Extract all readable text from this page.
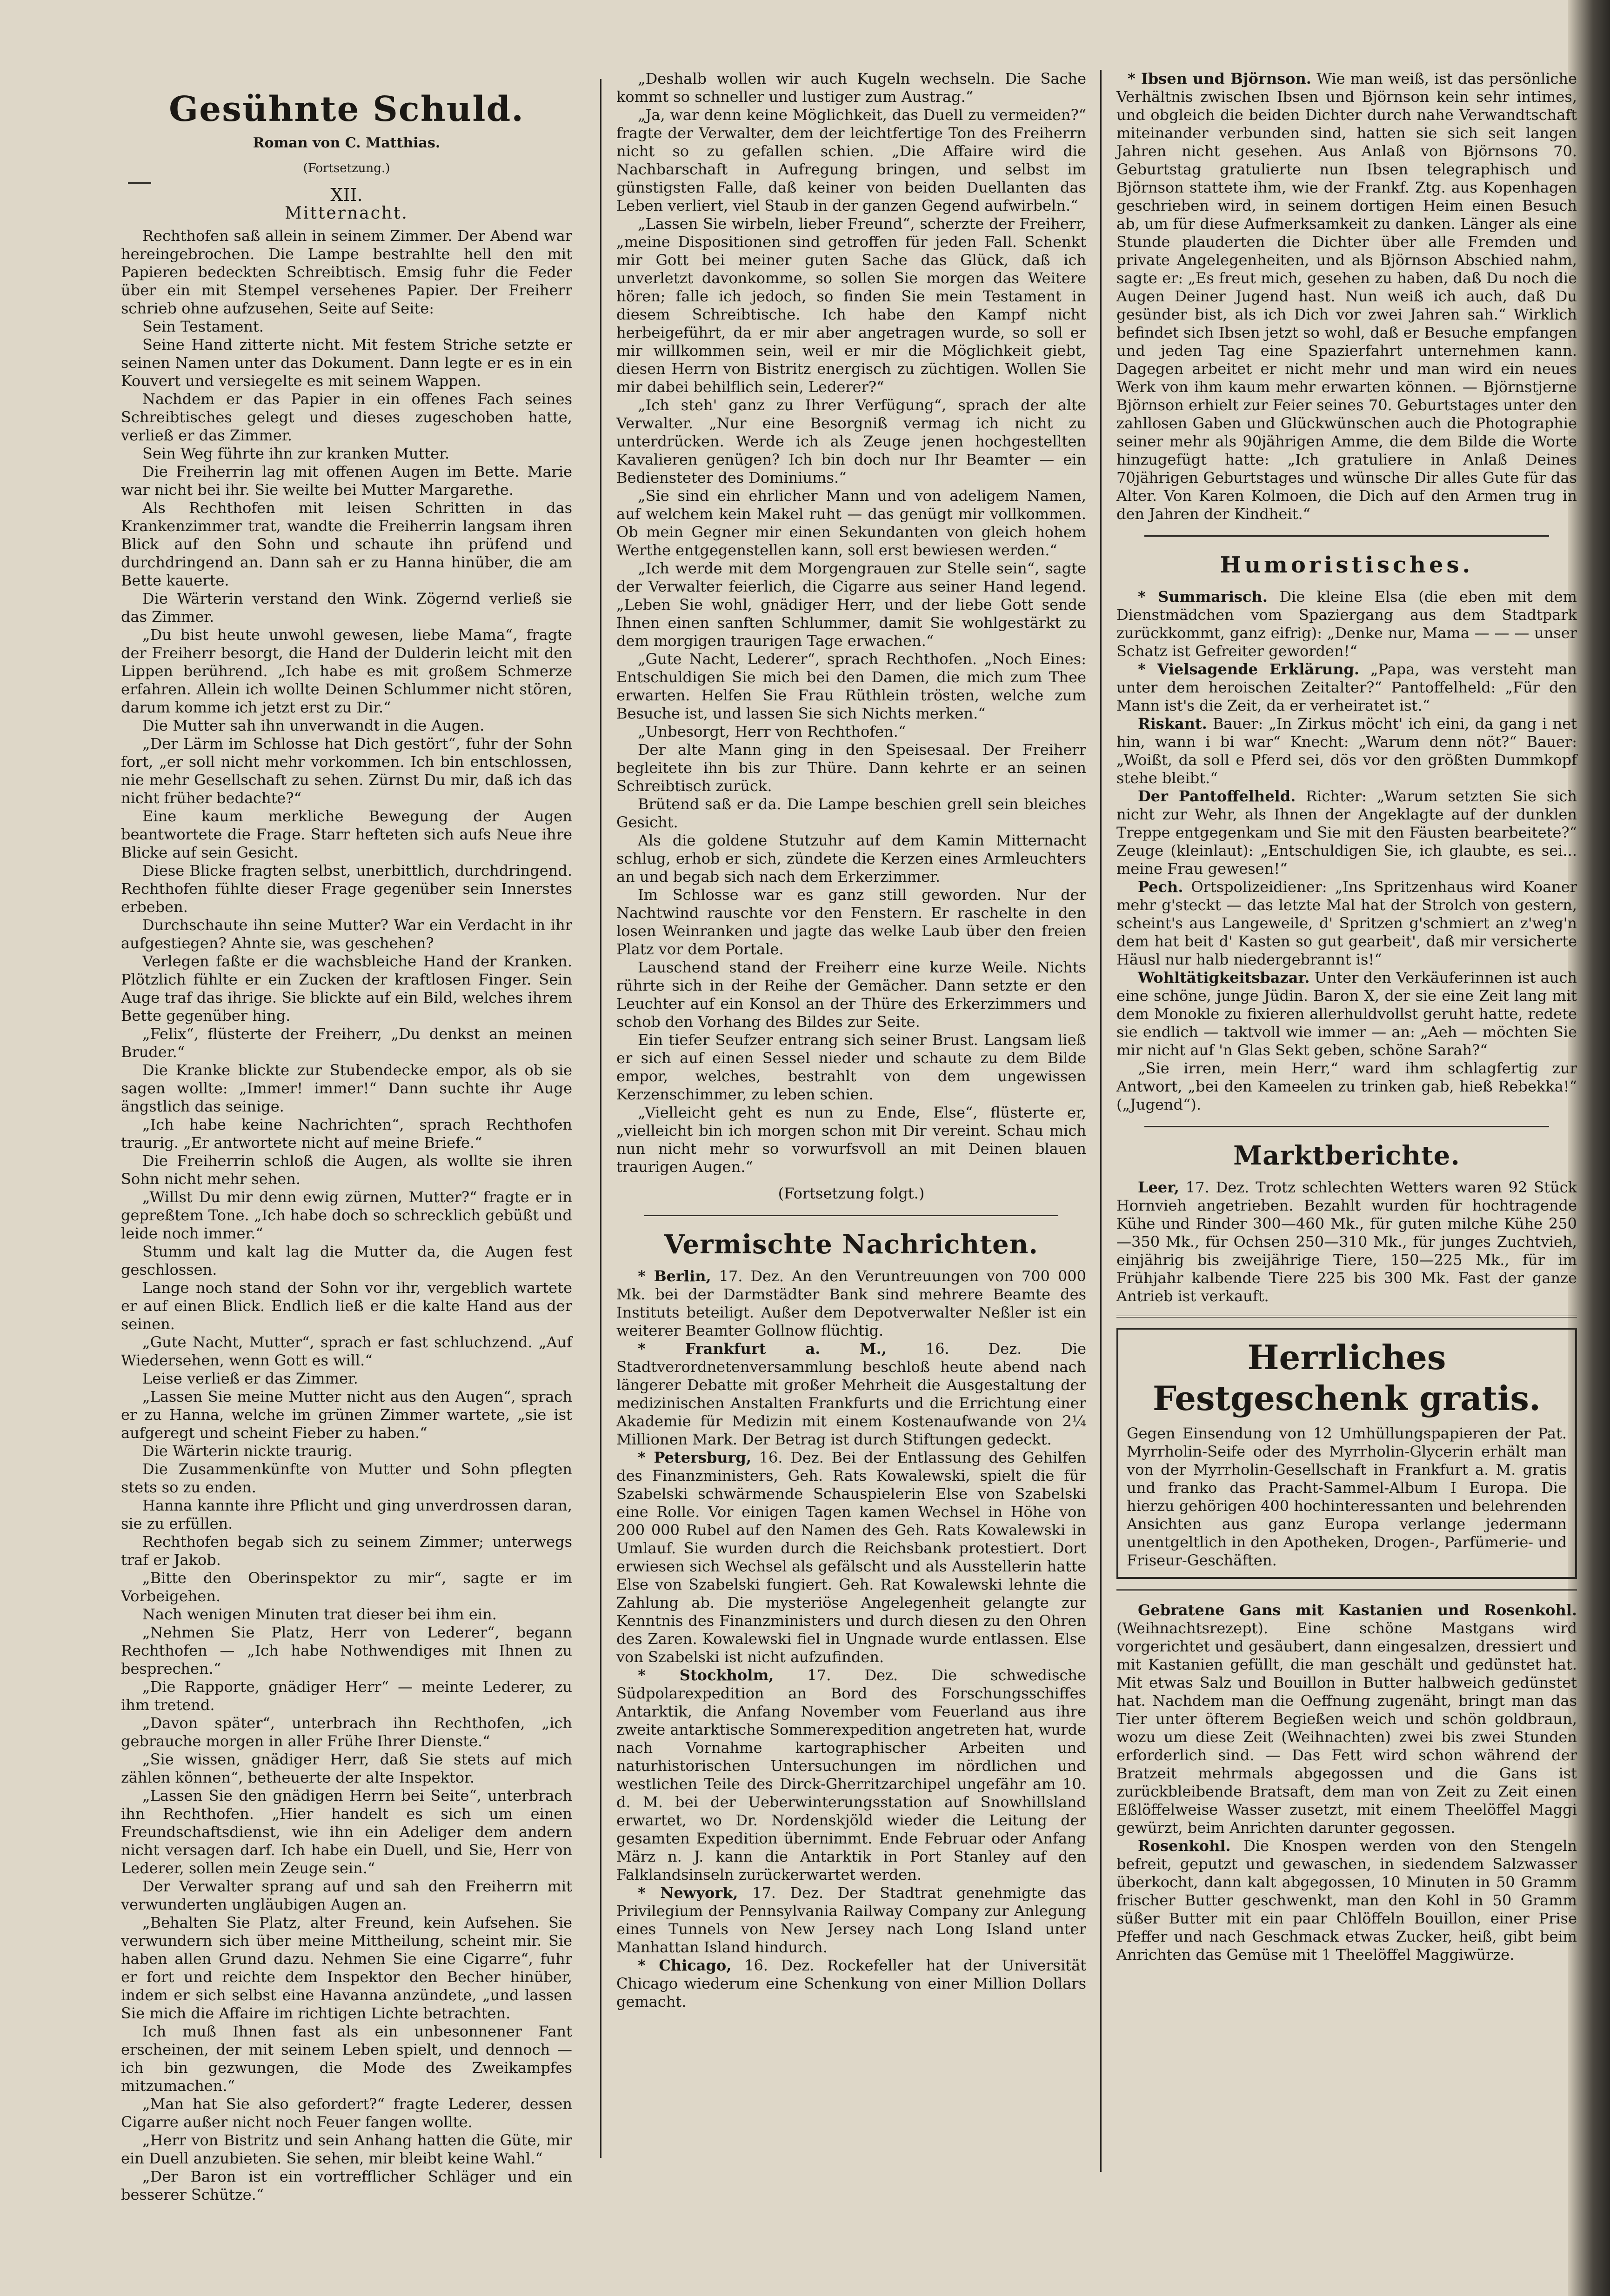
Gesühnte Schuld.
Roman von C. Matthias.
(Fortsetzung.)
XII.
Mitternacht.

Rechthofen saß allein in seinem Zimmer. Der Abend war hereingebrochen. Die Lampe bestrahlte hell den mit Papieren bedeckten Schreibtisch. Emsig fuhr die Feder über ein mit Stempel versehenes Papier. Der Freiherr schrieb ohne aufzusehen, Seite auf Seite:

Sein Testament.

Seine Hand zitterte nicht. Mit festem Striche setzte er seinen Namen unter das Dokument. Dann legte er es in ein Kouvert und versiegelte es mit seinem Wappen.

Nachdem er das Papier in ein offenes Fach seines Schreibtisches gelegt und dieses zugeschoben hatte, verließ er das Zimmer.

Sein Weg führte ihn zur kranken Mutter.

Die Freiherrin lag mit offenen Augen im Bette. Marie war nicht bei ihr. Sie weilte bei Mutter Margarethe.

Als Rechthofen mit leisen Schritten in das Krankenzimmer trat, wandte die Freiherrin langsam ihren Blick auf den Sohn und schaute ihn prüfend und durchdringend an. Dann sah er zu Hanna hinüber, die am Bette kauerte.

Die Wärterin verstand den Wink. Zögernd verließ sie das Zimmer.

„Du bist heute unwohl gewesen, liebe Mama“, fragte der Freiherr besorgt, die Hand der Dulderin leicht mit den Lippen berührend. „Ich habe es mit großem Schmerze erfahren. Allein ich wollte Deinen Schlummer nicht stören, darum komme ich jetzt erst zu Dir.“

Die Mutter sah ihn unverwandt in die Augen.

„Der Lärm im Schlosse hat Dich gestört“, fuhr der Sohn fort, „er soll nicht mehr vorkommen. Ich bin entschlossen, nie mehr Gesellschaft zu sehen. Zürnst Du mir, daß ich das nicht früher bedachte?“

Eine kaum merkliche Bewegung der Augen beantwortete die Frage. Starr hefteten sich aufs Neue ihre Blicke auf sein Gesicht.

Diese Blicke fragten selbst, unerbittlich, durchdringend. Rechthofen fühlte dieser Frage gegenüber sein Innerstes erbeben.

Durchschaute ihn seine Mutter? War ein Verdacht in ihr aufgestiegen? Ahnte sie, was geschehen?

Verlegen faßte er die wachsbleiche Hand der Kranken. Plötzlich fühlte er ein Zucken der kraftlosen Finger. Sein Auge traf das ihrige. Sie blickte auf ein Bild, welches ihrem Bette gegenüber hing.

„Felix“, flüsterte der Freiherr, „Du denkst an meinen Bruder.“

Die Kranke blickte zur Stubendecke empor, als ob sie sagen wollte: „Immer! immer!“ Dann suchte ihr Auge ängstlich das seinige.

„Ich habe keine Nachrichten“, sprach Rechthofen traurig. „Er antwortete nicht auf meine Briefe.“

Die Freiherrin schloß die Augen, als wollte sie ihren Sohn nicht mehr sehen.

„Willst Du mir denn ewig zürnen, Mutter?“ fragte er in gepreßtem Tone. „Ich habe doch so schrecklich gebüßt und leide noch immer.“

Stumm und kalt lag die Mutter da, die Augen fest geschlossen.

Lange noch stand der Sohn vor ihr, vergeblich wartete er auf einen Blick. Endlich ließ er die kalte Hand aus der seinen.

„Gute Nacht, Mutter“, sprach er fast schluchzend. „Auf Wiedersehen, wenn Gott es will.“

Leise verließ er das Zimmer.

„Lassen Sie meine Mutter nicht aus den Augen“, sprach er zu Hanna, welche im grünen Zimmer wartete, „sie ist aufgeregt und scheint Fieber zu haben.“

Die Wärterin nickte traurig.

Die Zusammenkünfte von Mutter und Sohn pflegten stets so zu enden.

Hanna kannte ihre Pflicht und ging unverdrossen daran, sie zu erfüllen.

Rechthofen begab sich zu seinem Zimmer; unterwegs traf er Jakob.

„Bitte den Oberinspektor zu mir“, sagte er im Vorbeigehen.

Nach wenigen Minuten trat dieser bei ihm ein.

„Nehmen Sie Platz, Herr von Lederer“, begann Rechthofen — „Ich habe Nothwendiges mit Ihnen zu besprechen.“

„Die Rapporte, gnädiger Herr“ — meinte Lederer, zu ihm tretend.

„Davon später“, unterbrach ihn Rechthofen, „ich gebrauche morgen in aller Frühe Ihrer Dienste.“

„Sie wissen, gnädiger Herr, daß Sie stets auf mich zählen können“, betheuerte der alte Inspektor.

„Lassen Sie den gnädigen Herrn bei Seite“, unterbrach ihn Rechthofen. „Hier handelt es sich um einen Freundschaftsdienst, wie ihn ein Adeliger dem andern nicht versagen darf. Ich habe ein Duell, und Sie, Herr von Lederer, sollen mein Zeuge sein.“

Der Verwalter sprang auf und sah den Freiherrn mit verwunderten ungläubigen Augen an.

„Behalten Sie Platz, alter Freund, kein Aufsehen. Sie verwundern sich über meine Mittheilung, scheint mir. Sie haben allen Grund dazu. Nehmen Sie eine Cigarre“, fuhr er fort und reichte dem Inspektor den Becher hinüber, indem er sich selbst eine Havanna anzündete, „und lassen Sie mich die Affaire im richtigen Lichte betrachten.

Ich muß Ihnen fast als ein unbesonnener Fant erscheinen, der mit seinem Leben spielt, und dennoch — ich bin gezwungen, die Mode des Zweikampfes mitzumachen.“

„Man hat Sie also gefordert?“ fragte Lederer, dessen Cigarre außer nicht noch Feuer fangen wollte.

„Herr von Bistritz und sein Anhang hatten die Güte, mir ein Duell anzubieten. Sie sehen, mir bleibt keine Wahl.“

„Der Baron ist ein vortrefflicher Schläger und ein besserer Schütze.“

„Deshalb wollen wir auch Kugeln wechseln. Die Sache kommt so schneller und lustiger zum Austrag.“

„Ja, war denn keine Möglichkeit, das Duell zu vermeiden?“ fragte der Verwalter, dem der leichtfertige Ton des Freiherrn nicht so zu gefallen schien. „Die Affaire wird die Nachbarschaft in Aufregung bringen, und selbst im günstigsten Falle, daß keiner von beiden Duellanten das Leben verliert, viel Staub in der ganzen Gegend aufwirbeln.“

„Lassen Sie wirbeln, lieber Freund“, scherzte der Freiherr, „meine Dispositionen sind getroffen für jeden Fall. Schenkt mir Gott bei meiner guten Sache das Glück, daß ich unverletzt davonkomme, so sollen Sie morgen das Weitere hören; falle ich jedoch, so finden Sie mein Testament in diesem Schreibtische. Ich habe den Kampf nicht herbeigeführt, da er mir aber angetragen wurde, so soll er mir willkommen sein, weil er mir die Möglichkeit giebt, diesen Herrn von Bistritz energisch zu züchtigen. Wollen Sie mir dabei behilflich sein, Lederer?“

„Ich steh' ganz zu Ihrer Verfügung“, sprach der alte Verwalter. „Nur eine Besorgniß vermag ich nicht zu unterdrücken. Werde ich als Zeuge jenen hochgestellten Kavalieren genügen? Ich bin doch nur Ihr Beamter — ein Bediensteter des Dominiums.“

„Sie sind ein ehrlicher Mann und von adeligem Namen, auf welchem kein Makel ruht — das genügt mir vollkommen. Ob mein Gegner mir einen Sekundanten von gleich hohem Werthe entgegenstellen kann, soll erst bewiesen werden.“

„Ich werde mit dem Morgengrauen zur Stelle sein“, sagte der Verwalter feierlich, die Cigarre aus seiner Hand legend. „Leben Sie wohl, gnädiger Herr, und der liebe Gott sende Ihnen einen sanften Schlummer, damit Sie wohlgestärkt zu dem morgigen traurigen Tage erwachen.“

„Gute Nacht, Lederer“, sprach Rechthofen. „Noch Eines: Entschuldigen Sie mich bei den Damen, die mich zum Thee erwarten. Helfen Sie Frau Rüthlein trösten, welche zum Besuche ist, und lassen Sie sich Nichts merken.“

„Unbesorgt, Herr von Rechthofen.“

Der alte Mann ging in den Speisesaal. Der Freiherr begleitete ihn bis zur Thüre. Dann kehrte er an seinen Schreibtisch zurück.

Brütend saß er da. Die Lampe beschien grell sein bleiches Gesicht.

Als die goldene Stutzuhr auf dem Kamin Mitternacht schlug, erhob er sich, zündete die Kerzen eines Armleuchters an und begab sich nach dem Erkerzimmer.

Im Schlosse war es ganz still geworden. Nur der Nachtwind rauschte vor den Fenstern. Er raschelte in den losen Weinranken und jagte das welke Laub über den freien Platz vor dem Portale.

Lauschend stand der Freiherr eine kurze Weile. Nichts rührte sich in der Reihe der Gemächer. Dann setzte er den Leuchter auf ein Konsol an der Thüre des Erkerzimmers und schob den Vorhang des Bildes zur Seite.

Ein tiefer Seufzer entrang sich seiner Brust. Langsam ließ er sich auf einen Sessel nieder und schaute zu dem Bilde empor, welches, bestrahlt von dem ungewissen Kerzenschimmer, zu leben schien.

„Vielleicht geht es nun zu Ende, Else“, flüsterte er, „vielleicht bin ich morgen schon mit Dir vereint. Schau mich nun nicht mehr so vorwurfsvoll an mit Deinen blauen traurigen Augen.“

(Fortsetzung folgt.)
Vermischte Nachrichten.

* Berlin, 17. Dez. An den Veruntreuungen von 700 000 Mk. bei der Darmstädter Bank sind mehrere Beamte des Instituts beteiligt. Außer dem Depotverwalter Neßler ist ein weiterer Beamter Gollnow flüchtig.

* Frankfurt a. M.,	16. Dez. Die Stadtverordnetenversammlung beschloß heute abend nach längerer Debatte mit großer Mehrheit die Ausgestaltung der medizinischen Anstalten Frankfurts und die Errichtung einer Akademie für Medizin mit einem Kostenaufwande von 2¼ Millionen Mark. Der Betrag ist durch Stiftungen gedeckt.

* Petersburg, 16. Dez. Bei der Entlassung des Gehilfen des Finanzministers, Geh. Rats Kowalewski, spielt die für Szabelski schwärmende Schauspielerin Else von Szabelski eine Rolle. Vor einigen Tagen kamen Wechsel in Höhe von 200 000 Rubel auf den Namen des Geh. Rats Kowalewski in Umlauf. Sie wurden durch die Reichsbank protestiert. Dort erwiesen sich Wechsel als gefälscht und als Ausstellerin hatte Else von Szabelski fungiert. Geh. Rat Kowalewski lehnte die Zahlung ab. Die mysteriöse Angelegenheit gelangte zur Kenntnis des Finanzministers und durch diesen zu den Ohren des Zaren. Kowalewski fiel in Ungnade wurde entlassen. Else von Szabelski ist nicht aufzufinden.

* Stockholm, 17. Dez. Die schwedische Südpolarexpedition an Bord des Forschungsschiffes Antarktik, die Anfang November vom Feuerland aus ihre zweite antarktische Sommerexpedition angetreten hat, wurde nach Vornahme kartographischer Arbeiten und naturhistorischen Untersuchungen im nördlichen und westlichen Teile des Dirck-Gherritzarchipel ungefähr am 10. d. M. bei der Ueberwinterungsstation auf Snowhillsland erwartet, wo Dr. Nordenskjöld wieder die Leitung der gesamten Expedition übernimmt. Ende Februar oder Anfang März n. J. kann die Antarktik in Port Stanley auf den Falklandsinseln zurückerwartet werden.

* Newyork, 17. Dez. Der Stadtrat genehmigte das Privilegium der Pennsylvania Railway Company zur Anlegung eines Tunnels von New Jersey nach Long Island unter Manhattan Island hindurch.

* Chicago, 16. Dez. Rockefeller hat der Universität Chicago wiederum eine Schenkung von einer Million Dollars gemacht.

* Ibsen und Björnson. Wie man weiß, ist das persönliche Verhältnis zwischen Ibsen und Björnson kein sehr intimes, und obgleich die beiden Dichter durch nahe Verwandtschaft miteinander verbunden sind, hatten sie sich seit langen Jahren nicht gesehen. Aus Anlaß von Björnsons 70. Geburtstag gratulierte nun Ibsen telegraphisch und Björnson stattete ihm, wie der Frankf. Ztg. aus Kopenhagen geschrieben wird, in seinem dortigen Heim einen Besuch ab, um für diese Aufmerksamkeit zu danken. Länger als eine Stunde plauderten die Dichter über alle Fremden und private Angelegenheiten, und als Björnson Abschied nahm, sagte er: „Es freut mich, gesehen zu haben, daß Du noch die Augen Deiner Jugend hast. Nun weiß ich auch, daß Du gesünder bist, als ich Dich vor zwei Jahren sah.“ Wirklich befindet sich Ibsen jetzt so wohl, daß er Besuche empfangen und jeden Tag eine Spazierfahrt unternehmen kann. Dagegen arbeitet er nicht mehr und man wird ein neues Werk von ihm kaum mehr erwarten können. — Björnstjerne Björnson erhielt zur Feier seines 70. Geburtstages unter den zahllosen Gaben und Glückwünschen auch die Photographie seiner mehr als 90jährigen Amme, die dem Bilde die Worte hinzugefügt hatte: „Ich gratuliere in Anlaß Deines 70jährigen Geburtstages und wünsche Dir alles Gute für das Alter. Von Karen Kolmoen, die Dich auf den Armen trug in den Jahren der Kindheit.“

Humoristisches.

* Summarisch. Die kleine Elsa (die eben mit dem Dienstmädchen vom Spaziergang aus dem Stadtpark zurückkommt, ganz eifrig): „Denke nur, Mama — — — unser Schatz ist Gefreiter geworden!“

* Vielsagende Erklärung. „Papa, was versteht man unter dem heroischen Zeitalter?“ Pantoffelheld: „Für den Mann ist's die Zeit, da er verheiratet ist.“

Riskant. Bauer: „In Zirkus möcht' ich eini, da gang i net hin, wann i bi war“ Knecht: „Warum denn nöt?“ Bauer: „Woißt, da soll e Pferd sei, dös vor den größten Dummkopf stehe bleibt.“

Der Pantoffelheld. Richter: „Warum setzten Sie sich nicht zur Wehr, als Ihnen der Angeklagte auf der dunklen Treppe entgegenkam und Sie mit den Fäusten bearbeitete?“ Zeuge (kleinlaut): „Entschuldigen Sie, ich glaubte, es sei... meine Frau gewesen!“

Pech. Ortspolizeidiener: „Ins Spritzenhaus wird Koaner mehr g'steckt — das letzte Mal hat der Strolch von gestern, scheint's aus Langeweile, d' Spritzen g'schmiert an z'weg'n dem hat beit d' Kasten so gut gearbeit', daß mir versicherte Häusl nur halb niedergebrannt is!“

Wohltätigkeitsbazar. Unter den Verkäuferinnen ist auch eine schöne, junge Jüdin. Baron X, der sie eine Zeit lang mit dem Monokle zu fixieren allerhuldvollst geruht hatte, redete sie endlich — taktvoll wie immer — an: „Aeh — möchten Sie mir nicht auf 'n Glas Sekt geben, schöne Sarah?“

„Sie irren, mein Herr,“ ward ihm schlagfertig zur Antwort, „bei den Kameelen zu trinken gab, hieß Rebekka!“ („Jugend“).

Marktberichte.

Leer, 17. Dez. Trotz schlechten Wetters waren 92 Stück Hornvieh angetrieben. Bezahlt wurden für hochtragende Kühe und Rinder 300—460 Mk., für guten milche Kühe 250—350 Mk., für Ochsen 250—310 Mk., für junges Zuchtvieh, einjährig bis zweijährige Tiere, 150—225 Mk., für im Frühjahr kalbende Tiere 225 bis 300 Mk. Fast der ganze Antrieb ist verkauft.

Herrliches Festgeschenk gratis.

Gegen Einsendung von 12 Umhüllungspapieren der Pat. Myrrholin-Seife oder des Myrrholin-Glycerin erhält man von der Myrrholin-Gesellschaft in Frankfurt a. M. gratis und franko das Pracht-Sammel-Album I Europa. Die hierzu gehörigen 400 hochinteressanten und belehrenden Ansichten aus ganz Europa verlange jedermann unentgeltlich in den Apotheken, Drogen-, Parfümerie- und Friseur-Geschäften.

Gebratene Gans mit Kastanien und Rosenkohl. (Weihnachtsrezept). Eine schöne Mastgans wird vorgerichtet und gesäubert, dann eingesalzen, dressiert und mit Kastanien gefüllt, die man geschält und gedünstet hat. Mit etwas Salz und Bouillon in Butter halbweich gedünstet hat. Nachdem man die Oeffnung zugenäht, bringt man das Tier unter öfterem Begießen weich und schön goldbraun, wozu um diese Zeit (Weihnachten) zwei bis zwei Stunden erforderlich sind. — Das Fett wird schon während der Bratzeit mehrmals abgegossen und die Gans ist zurückbleibende Bratsaft, dem man von Zeit zu Zeit einen Eßlöffelweise Wasser zusetzt, mit einem Theelöffel Maggi gewürzt, beim Anrichten darunter gegossen.

Rosenkohl. Die Knospen werden von den Stengeln befreit, geputzt und gewaschen, in siedendem Salzwasser überkocht, dann kalt abgegossen, 10 Minuten in 50 Gramm frischer Butter geschwenkt, man den Kohl in 50 Gramm süßer Butter mit ein paar Chlöffeln Bouillon, einer Prise Pfeffer und nach Geschmack etwas Zucker, heiß, gibt beim Anrichten das Gemüse mit 1 Theelöffel Maggiwürze.
